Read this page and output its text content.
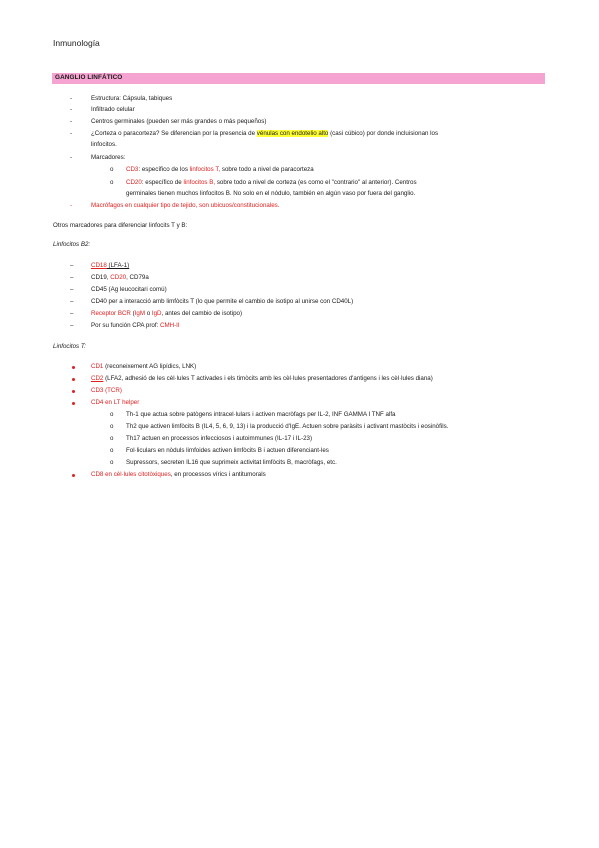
Inmunología
GANGLIO LINFÁTICO
-	Estructura: Cápsula, tabiques
-	Infiltrado celular
-	Centros germinales (pueden ser más grandes o más pequeños)
-	¿Corteza o paracorteza? Se diferencian por la presencia de vénulas con endotelio alto (casi cúbico) por donde incluisionan los
linfocitos.
-	Marcadores:
o CD3: específico de los linfocitos T, sobre todo a nivel de paracorteza
o CD20: específico de linfocitos B, sobre todo a nivel de corteza (es como el "contrario" al anterior). Centros
germinales tienen muchos linfocitos B. No solo en el nódulo, también en algún vaso por fuera del ganglio.
-	Macrófagos en cualquier tipo de tejido, son ubicuos/constitucionales.
Otros marcadores para diferenciar linfocits T y B:
Linfocitos B2:
–	CD18 (LFA-1)
–	CD19, CD20, CD79a
–	CD45 (Ag leucocitari comú)
–	CD40 per a interacció amb limfòcits T (lo que permite el cambio de isotipo al unirse con CD40L)
–	Receptor BCR (IgM o IgD, antes del cambio de isotipo)
–	Por su función CPA prof: CMH-II
Linfocitos T:
CD1 (reconeixement AG lipídics, LNK)
CD2 (LFA2, adhesió de les cèl·lules T activades i els timòcits amb les cèl·lules presentadores d'antigens i les cèl·lules diana)
CD3 (TCR)
CD4 en LT helper
o Th-1 que actua sobre patògens intracel·lulars i activen macròfags per IL-2, INF GAMMA I TNF alfa
o Th2 que activen limfòcits B (IL4, 5, 6, 9, 13) i la producció d'IgE. Actuen sobre paràsits i activant mastòcits i eosinòfils.
o Th17 actuen en processos infecciosos i autoimmunes (IL-17 i IL-23)
o Fol·liculars en nòduls limfoides activen limfòcits B i actuen diferenciant-les
o Supressors, secreten IL16 que suprimeix activitat limfòcits B, macròfags, etc.
CD8 en cèl·lules citotòxiques, en processos vírics i antitumorals
